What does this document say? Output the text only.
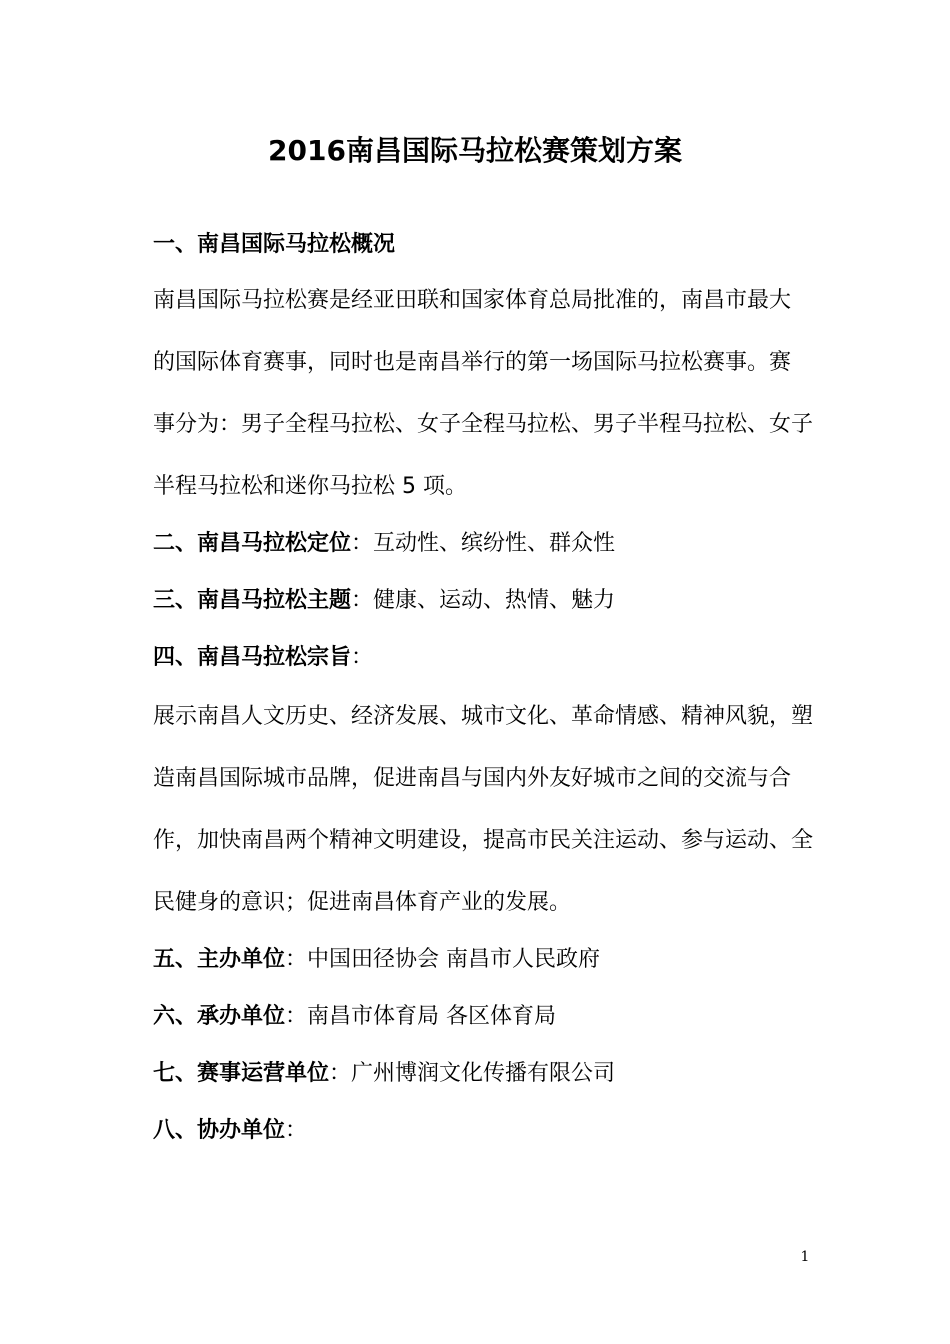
2016南昌国际马拉松赛策划方案
一、南昌国际马拉松概况
南昌国际马拉松赛是经亚田联和国家体育总局批准的，南昌市最大
的国际体育赛事，同时也是南昌举行的第一场国际马拉松赛事。赛
事分为：男子全程马拉松、女子全程马拉松、男子半程马拉松、女子
半程马拉松和迷你马拉松 5 项。
二、南昌马拉松定位：互动性、缤纷性、群众性
三、南昌马拉松主题：健康、运动、热情、魅力
四、南昌马拉松宗旨：
展示南昌人文历史、经济发展、城市文化、革命情感、精神风貌，塑
造南昌国际城市品牌，促进南昌与国内外友好城市之间的交流与合
作，加快南昌两个精神文明建设，提高市民关注运动、参与运动、全
民健身的意识；促进南昌体育产业的发展。
五、主办单位：中国田径协会 南昌市人民政府
六、承办单位：南昌市体育局 各区体育局
七、赛事运营单位：广州博润文化传播有限公司
八、协办单位：
1
